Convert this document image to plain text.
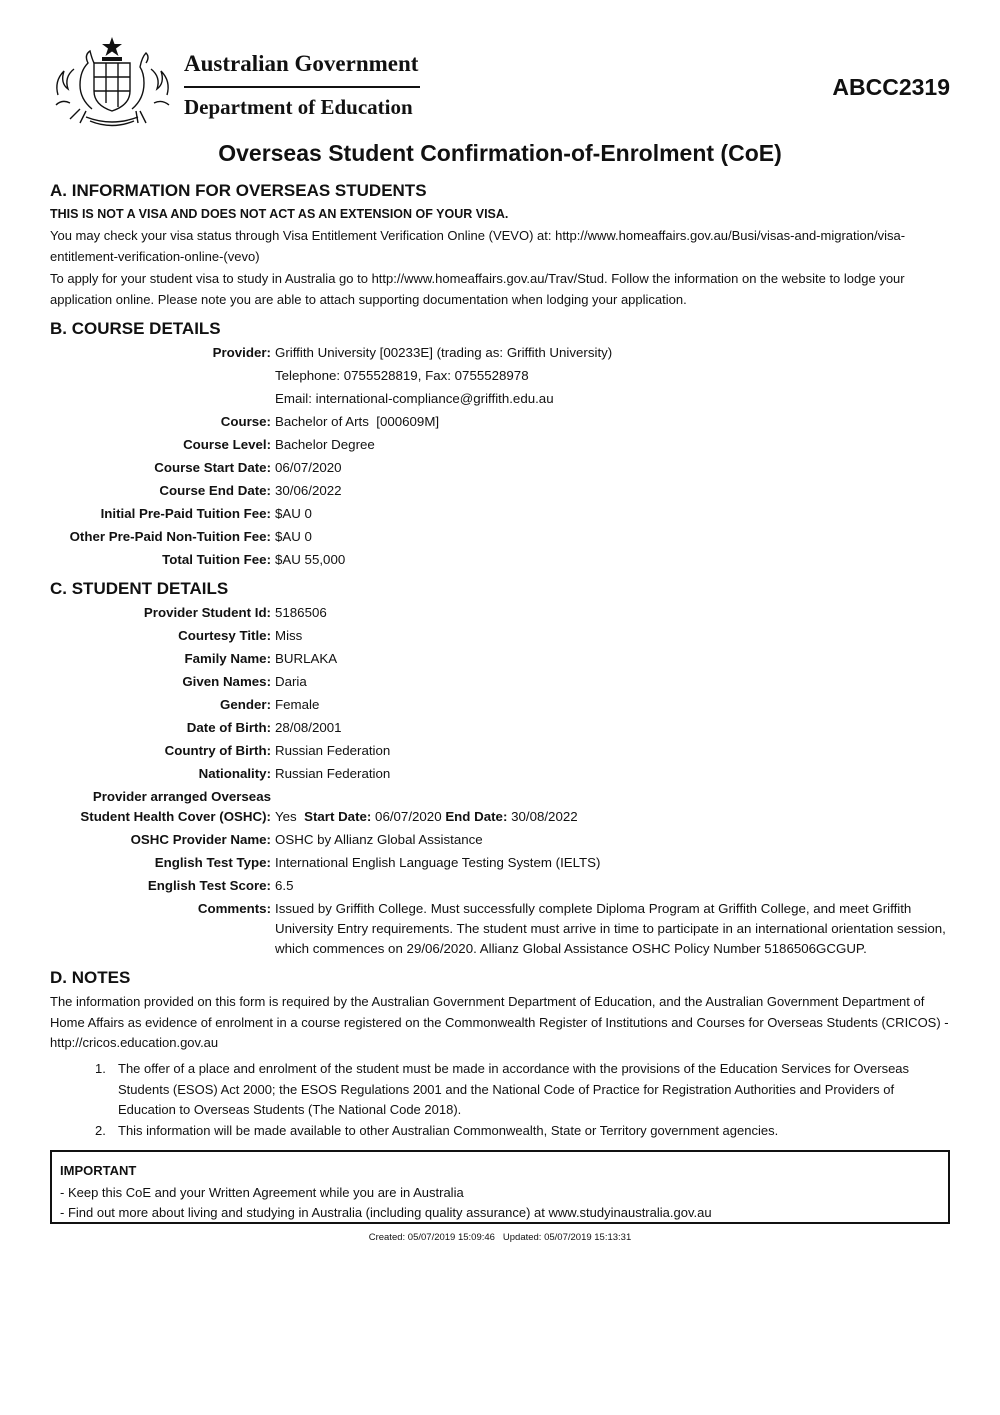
Australian Government
Department of Education
ABCC2319
Overseas Student Confirmation-of-Enrolment (CoE)
A. INFORMATION FOR OVERSEAS STUDENTS
THIS IS NOT A VISA AND DOES NOT ACT AS AN EXTENSION OF YOUR VISA.

You may check your visa status through Visa Entitlement Verification Online (VEVO) at: http://www.homeaffairs.gov.au/Busi/visas-and-migration/visa-entitlement-verification-online-(vevo)

To apply for your student visa to study in Australia go to http://www.homeaffairs.gov.au/Trav/Stud. Follow the information on the website to lodge your application online. Please note you are able to attach supporting documentation when lodging your application.

B. COURSE DETAILS
Provider: Griffith University [00233E] (trading as: Griffith University)
Telephone: 0755528819, Fax: 0755528978
Email: international-compliance@griffith.edu.au
Course: Bachelor of Arts  [000609M]
Course Level: Bachelor Degree
Course Start Date: 06/07/2020
Course End Date: 30/06/2022
Initial Pre-Paid Tuition Fee: $AU 0
Other Pre-Paid Non-Tuition Fee: $AU 0
Total Tuition Fee: $AU 55,000
C. STUDENT DETAILS
Provider Student Id: 5186506
Courtesy Title: Miss
Family Name: BURLAKA
Given Names: Daria
Gender: Female
Date of Birth: 28/08/2001
Country of Birth: Russian Federation
Nationality: Russian Federation
Provider arranged Overseas
Student Health Cover (OSHC): Yes Start Date: 06/07/2020 End Date: 30/08/2022
OSHC Provider Name: OSHC by Allianz Global Assistance
English Test Type: International English Language Testing System (IELTS)
English Test Score: 6.5
Comments: Issued by Griffith College. Must successfully complete Diploma Program at Griffith College, and meet Griffith University Entry requirements. The student must arrive in time to participate in an international orientation session, which commences on 29/06/2020. Allianz Global Assistance OSHC Policy Number 5186506GCGUP.
D. NOTES

The information provided on this form is required by the Australian Government Department of Education, and the Australian Government Department of Home Affairs as evidence of enrolment in a course registered on the Commonwealth Register of Institutions and Courses for Overseas Students (CRICOS) - http://cricos.education.gov.au

1. The offer of a place and enrolment of the student must be made in accordance with the provisions of the Education Services for Overseas Students (ESOS) Act 2000; the ESOS Regulations 2001 and the National Code of Practice for Registration Authorities and Providers of Education to Overseas Students (The National Code 2018).
2. This information will be made available to other Australian Commonwealth, State or Territory government agencies.
IMPORTANT
- Keep this CoE and your Written Agreement while you are in Australia
- Find out more about living and studying in Australia (including quality assurance) at www.studyinaustralia.gov.au
Created: 05/07/2019 15:09:46 Updated: 05/07/2019 15:13:31
